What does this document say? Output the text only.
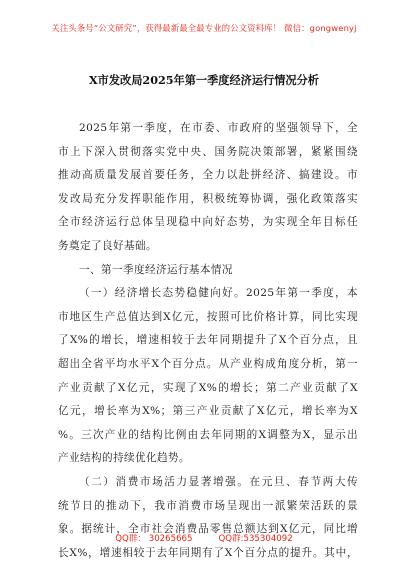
关注头条号“公文研究”，获得最新最全最专业的公文资料库！ 微信：gongwenyj
X市发改局2025年第一季度经济运行情况分析
2025年第一季度，在市委、市政府的坚强领导下，全
市上下深入贯彻落实党中央、国务院决策部署，紧紧围绕
推动高质量发展首要任务，全力以赴拼经济、搞建设。市
发改局充分发挥职能作用，积极统筹协调，强化政策落实
全市经济运行总体呈现稳中向好态势，为实现全年目标任
务奠定了良好基础。
一、第一季度经济运行基本情况
（一）经济增长态势稳健向好。2025年第一季度，本
市地区生产总值达到X亿元，按照可比价格计算，同比实现
了X%的增长，增速相较于去年同期提升了X个百分点，且
超出全省平均水平X个百分点。从产业构成角度分析，第一
产业贡献了X亿元，实现了X%的增长；第二产业贡献了X
亿元，增长率为X%；第三产业贡献了X亿元，增长率为X
%。三次产业的结构比例由去年同期的X调整为X，显示出
产业结构的持续优化趋势。
（二）消费市场活力显著增强。在元旦、春节两大传
统节日的推动下，我市消费市场呈现出一派繁荣活跃的景
象。据统计，全市社会消费品零售总额达到X亿元，同比增
长X%，增速相较于去年同期有了X个百分点的提升。其中，
QQ群： 30265665	QQ群:535304092
